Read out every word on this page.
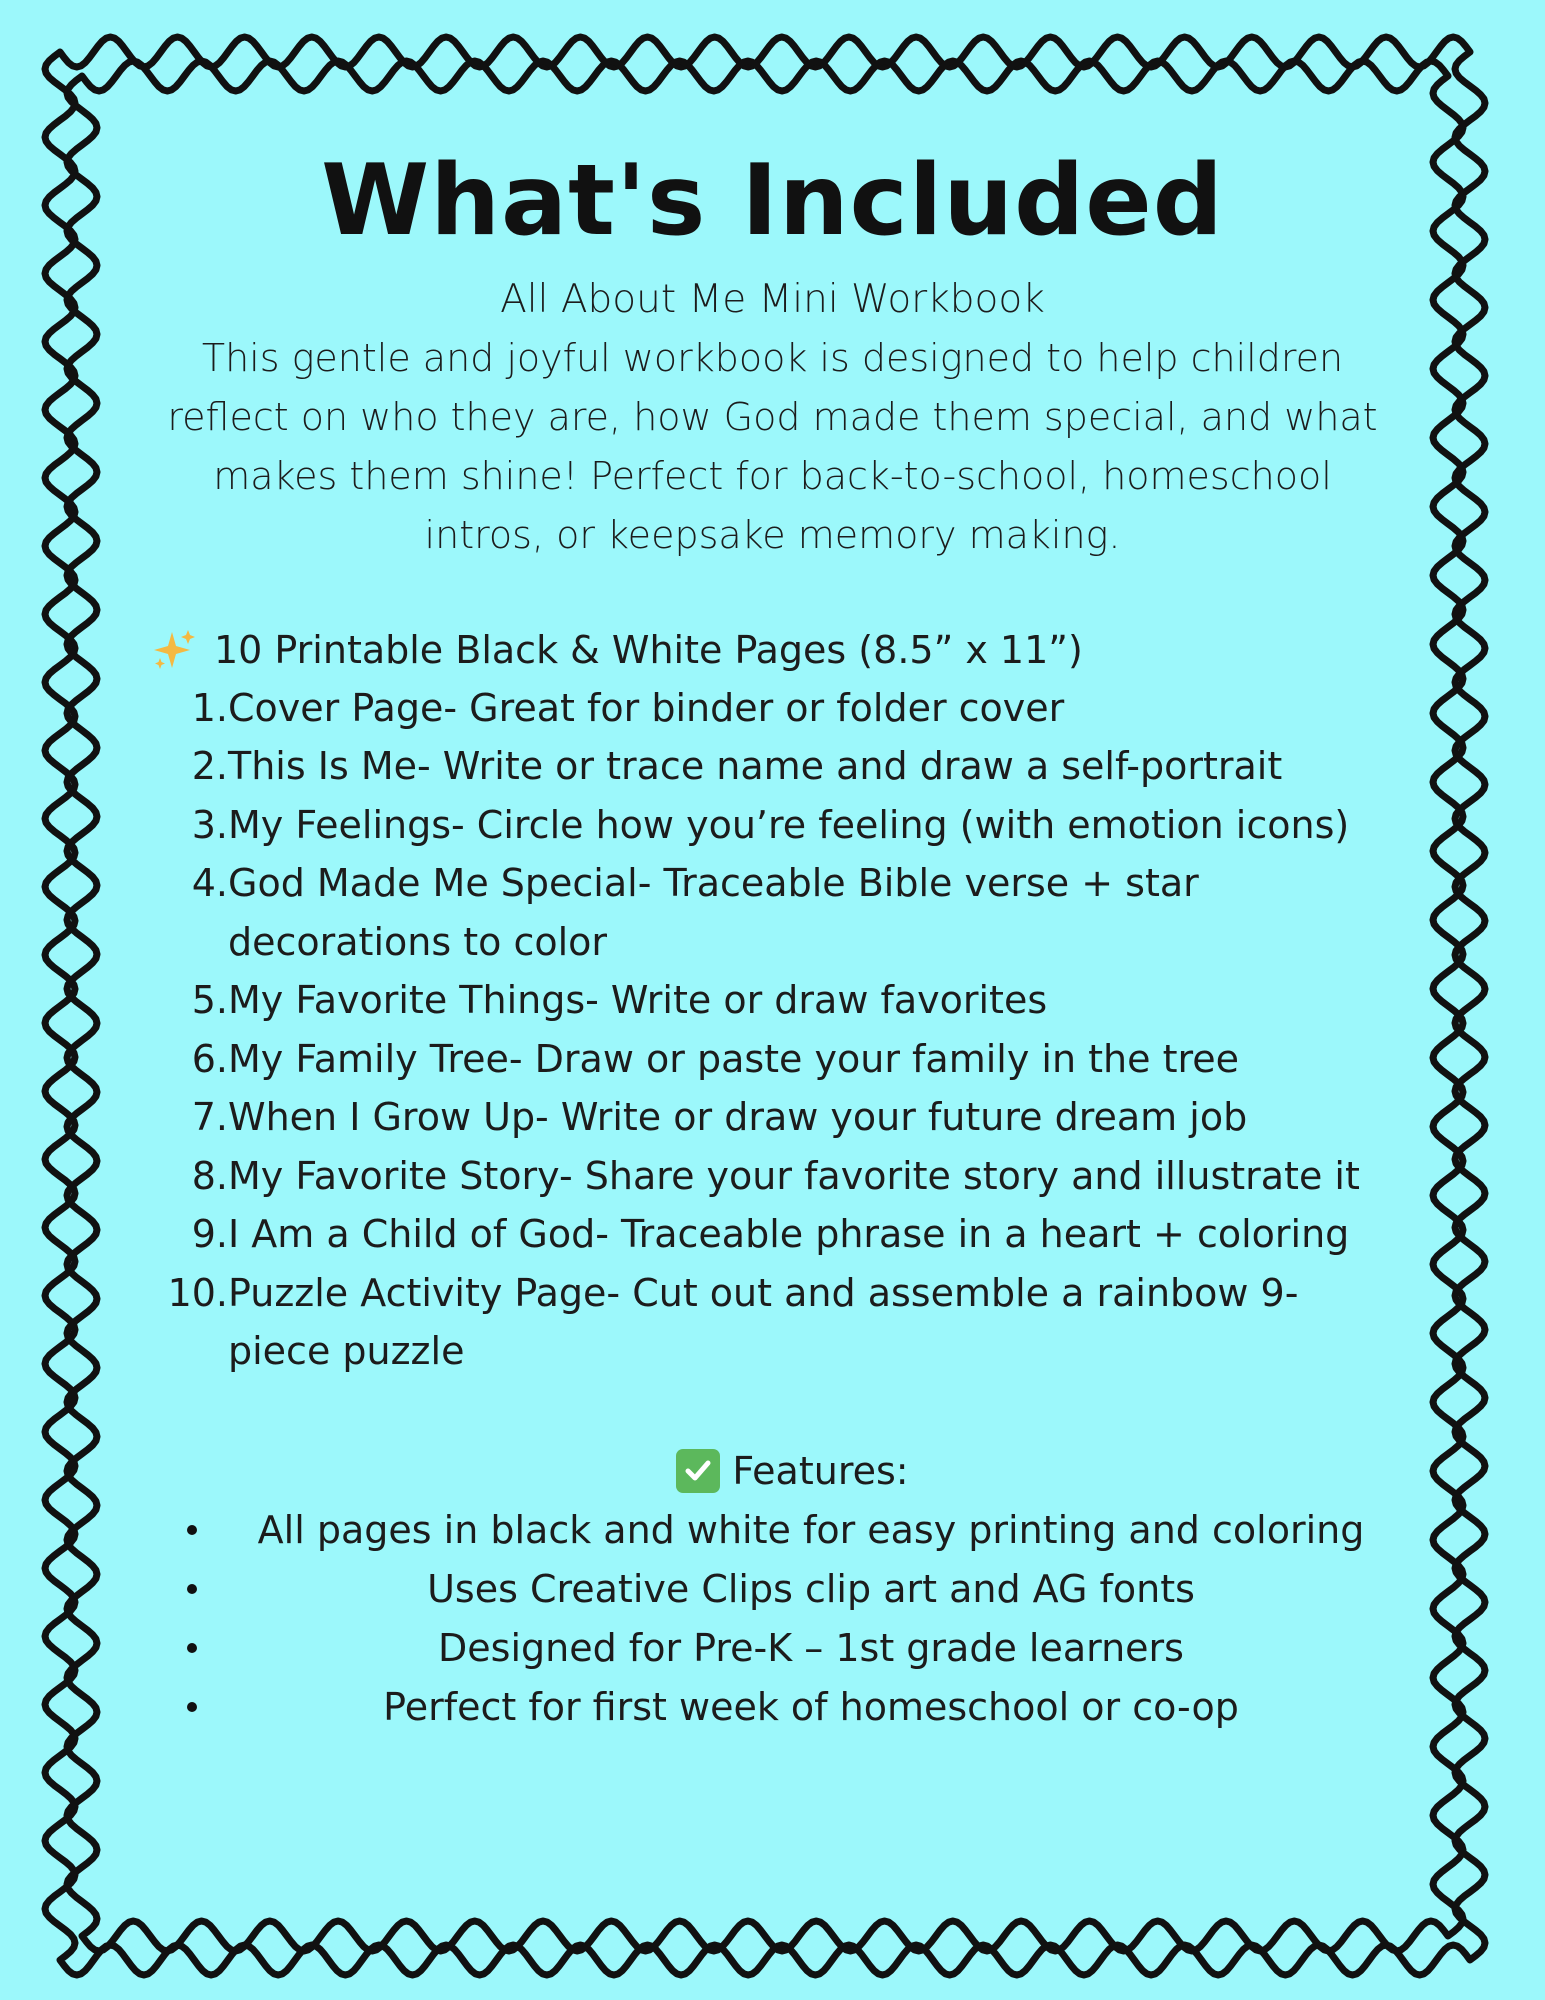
What's Included

All About Me Mini Workbook

This gentle and joyful workbook is designed to help children reflect on who they are, how God made them special, and what makes them shine! Perfect for back-to-school, homeschool intros, or keepsake memory making.

10 Printable Black & White Pages (8.5” x 11”)
1. Cover Page- Great for binder or folder cover
2. This Is Me- Write or trace name and draw a self-portrait
3. My Feelings- Circle how you’re feeling (with emotion icons)
4. God Made Me Special- Traceable Bible verse + star decorations to color
5. My Favorite Things- Write or draw favorites
6. My Family Tree- Draw or paste your family in the tree
7. When I Grow Up- Write or draw your future dream job
8. My Favorite Story- Share your favorite story and illustrate it
9. I Am a Child of God- Traceable phrase in a heart + coloring
10. Puzzle Activity Page- Cut out and assemble a rainbow 9-piece puzzle
Features:
All pages in black and white for easy printing and coloring
Uses Creative Clips clip art and AG fonts
Designed for Pre-K – 1st grade learners
Perfect for first week of homeschool or co-op
